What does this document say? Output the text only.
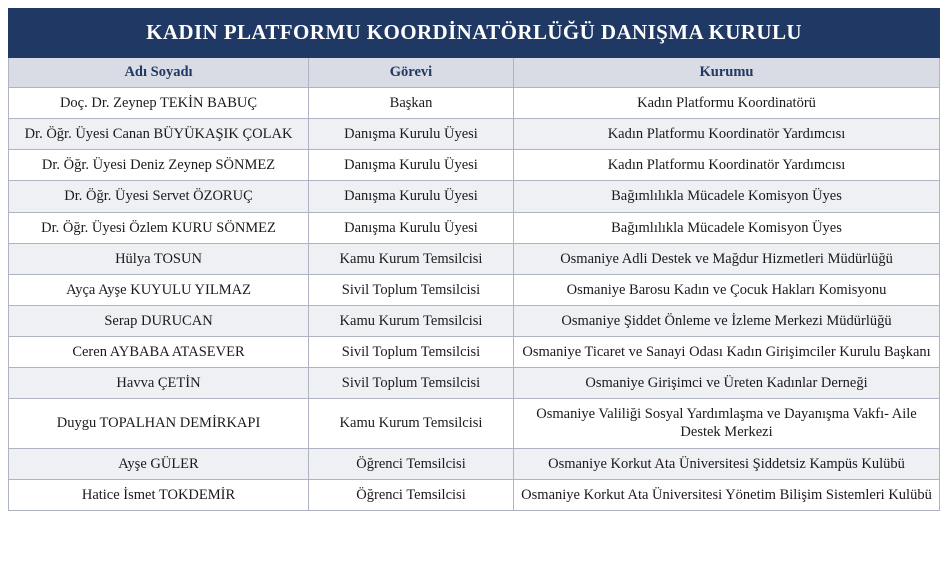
KADIN PLATFORMU KOORDİNATÖRLÜĞÜ DANIŞMA KURULU		
Adı Soyadı	Görevi	Kurumu
Doç. Dr. Zeynep TEKİN BABUÇ	Başkan	Kadın Platformu Koordinatörü
Dr. Öğr. Üyesi Canan BÜYÜKAŞIK ÇOLAK	Danışma Kurulu Üyesi	Kadın Platformu Koordinatör Yardımcısı
Dr. Öğr. Üyesi Deniz Zeynep SÖNMEZ	Danışma Kurulu Üyesi	Kadın Platformu Koordinatör Yardımcısı
Dr. Öğr. Üyesi Servet ÖZORUÇ	Danışma Kurulu Üyesi	Bağımlılıkla Mücadele Komisyon Üyes
Dr. Öğr. Üyesi Özlem KURU SÖNMEZ	Danışma Kurulu Üyesi	Bağımlılıkla Mücadele Komisyon Üyes
Hülya TOSUN	Kamu Kurum Temsilcisi	Osmaniye Adli Destek ve Mağdur Hizmetleri Müdürlüğü
Ayça Ayşe KUYULU YILMAZ	Sivil Toplum Temsilcisi	Osmaniye Barosu Kadın ve Çocuk Hakları Komisyonu
Serap DURUCAN	Kamu Kurum Temsilcisi	Osmaniye Şiddet Önleme ve İzleme Merkezi Müdürlüğü
Ceren AYBABA ATASEVER	Sivil Toplum Temsilcisi	Osmaniye Ticaret ve Sanayi Odası Kadın Girişimciler Kurulu Başkanı
Havva ÇETİN	Sivil Toplum Temsilcisi	Osmaniye Girişimci ve Üreten Kadınlar Derneği
Duygu TOPALHAN DEMİRKAPI	Kamu Kurum Temsilcisi	Osmaniye Valiliği Sosyal Yardımlaşma ve Dayanışma Vakfı- Aile Destek Merkezi
Ayşe GÜLER	Öğrenci Temsilcisi	Osmaniye Korkut Ata Üniversitesi Şiddetsiz Kampüs Kulübü
Hatice İsmet TOKDEMİR	Öğrenci Temsilcisi	Osmaniye Korkut Ata Üniversitesi Yönetim Bilişim Sistemleri Kulübü
